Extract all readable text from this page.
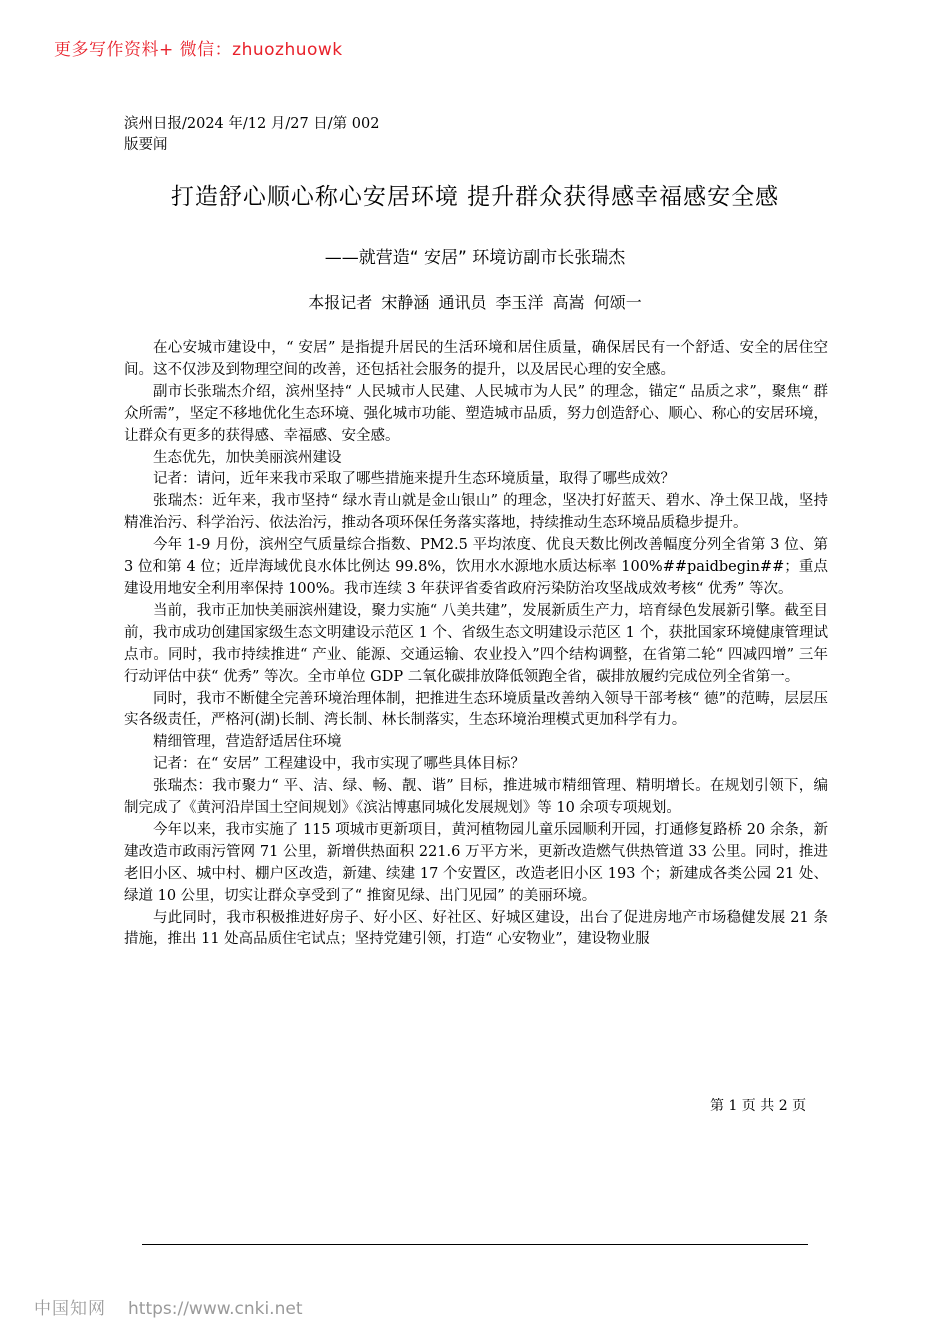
更多写作资料+ 微信：zhuozhuowk
滨州日报/2024 年/12 月/27 日/第 002
版要闻
打造舒心顺心称心安居环境 提升群众获得感幸福感安全感
——就营造“ 安居” 环境访副市长张瑞杰
本报记者 宋静涵 通讯员 李玉洋 高嵩 何颂一

在心安城市建设中，“ 安居” 是指提升居民的生活环境和居住质量，确保居民有一个舒适、安全的居住空间。这不仅涉及到物理空间的改善，还包括社会服务的提升，以及居民心理的安全感。

副市长张瑞杰介绍，滨州坚持“ 人民城市人民建、人民城市为人民” 的理念，锚定“ 品质之求”，聚焦“ 群众所需”，坚定不移地优化生态环境、强化城市功能、塑造城市品质，努力创造舒心、顺心、称心的安居环境，让群众有更多的获得感、幸福感、安全感。

生态优先，加快美丽滨州建设

记者：请问，近年来我市采取了哪些措施来提升生态环境质量，取得了哪些成效？

张瑞杰：近年来，我市坚持“ 绿水青山就是金山银山” 的理念，坚决打好蓝天、碧水、净土保卫战，坚持精准治污、科学治污、依法治污，推动各项环保任务落实落地，持续推动生态环境品质稳步提升。

今年 1-9 月份，滨州空气质量综合指数、PM2.5 平均浓度、优良天数比例改善幅度分列全省第 3 位、第 3 位和第 4 位；近岸海域优良水体比例达 99.8%，饮用水水源地水质达标率 100%##paidbegin##；重点建设用地安全利用率保持 100%。我市连续 3 年获评省委省政府污染防治攻坚战成效考核“ 优秀” 等次。

当前，我市正加快美丽滨州建设，聚力实施“ 八美共建”，发展新质生产力，培育绿色发展新引擎。截至目前，我市成功创建国家级生态文明建设示范区 1 个、省级生态文明建设示范区 1 个，获批国家环境健康管理试点市。同时，我市持续推进“ 产业、能源、交通运输、农业投入”四个结构调整，在省第二轮“ 四减四增” 三年行动评估中获“ 优秀” 等次。全市单位 GDP 二氧化碳排放降低领跑全省，碳排放履约完成位列全省第一。

同时，我市不断健全完善环境治理体制，把推进生态环境质量改善纳入领导干部考核“ 德”的范畴，层层压实各级责任，严格河(湖)长制、湾长制、林长制落实，生态环境治理模式更加科学有力。

精细管理，营造舒适居住环境

记者：在“ 安居” 工程建设中，我市实现了哪些具体目标？

张瑞杰：我市聚力“ 平、洁、绿、畅、靓、谐” 目标，推进城市精细管理、精明增长。在规划引领下，编制完成了《黄河沿岸国土空间规划》《滨沾博惠同城化发展规划》等 10 余项专项规划。

今年以来，我市实施了 115 项城市更新项目，黄河植物园儿童乐园顺利开园，打通修复路桥 20 余条，新建改造市政雨污管网 71 公里，新增供热面积 221.6 万平方米，更新改造燃气供热管道 33 公里。同时，推进老旧小区、城中村、棚户区改造，新建、续建 17 个安置区，改造老旧小区 193 个；新建成各类公园 21 处、绿道 10 公里，切实让群众享受到了“ 推窗见绿、出门见园” 的美丽环境。

与此同时，我市积极推进好房子、好小区、好社区、好城区建设，出台了促进房地产市场稳健发展 21 条措施，推出 11 处高品质住宅试点；坚持党建引领，打造“ 心安物业”，建设物业服

第 1 页 共 2 页
中国知网 https://www.cnki.net
